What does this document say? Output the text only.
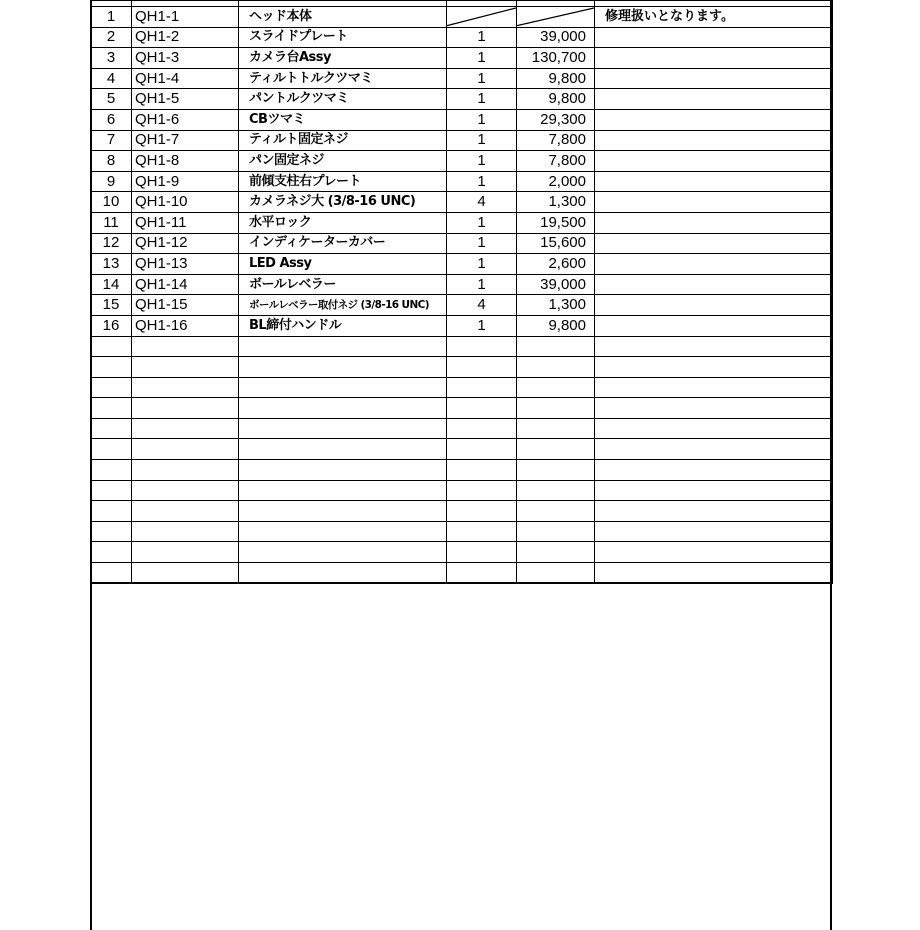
1	QH1-1	ヘッド本体			修理扱いとなります。
2	QH1-2	スライドプレート	1	39,000	
3	QH1-3	カメラ台Assy	1	130,700	
4	QH1-4	ティルトトルクツマミ	1	9,800	
5	QH1-5	パントルクツマミ	1	9,800	
6	QH1-6	CBツマミ	1	29,300	
7	QH1-7	ティルト固定ネジ	1	7,800	
8	QH1-8	パン固定ネジ	1	7,800	
9	QH1-9	前傾支柱右プレート	1	2,000	
10	QH1-10	カメラネジ大 (3/8-16 UNC)	4	1,300	
11	QH1-11	水平ロック	1	19,500	
12	QH1-12	インディケーターカバー	1	15,600	
13	QH1-13	LED Assy	1	2,600	
14	QH1-14	ボールレベラー	1	39,000	
15	QH1-15	ボールレベラー取付ネジ (3/8-16 UNC)	4	1,300	
16	QH1-16	BL締付ハンドル	1	9,800	
